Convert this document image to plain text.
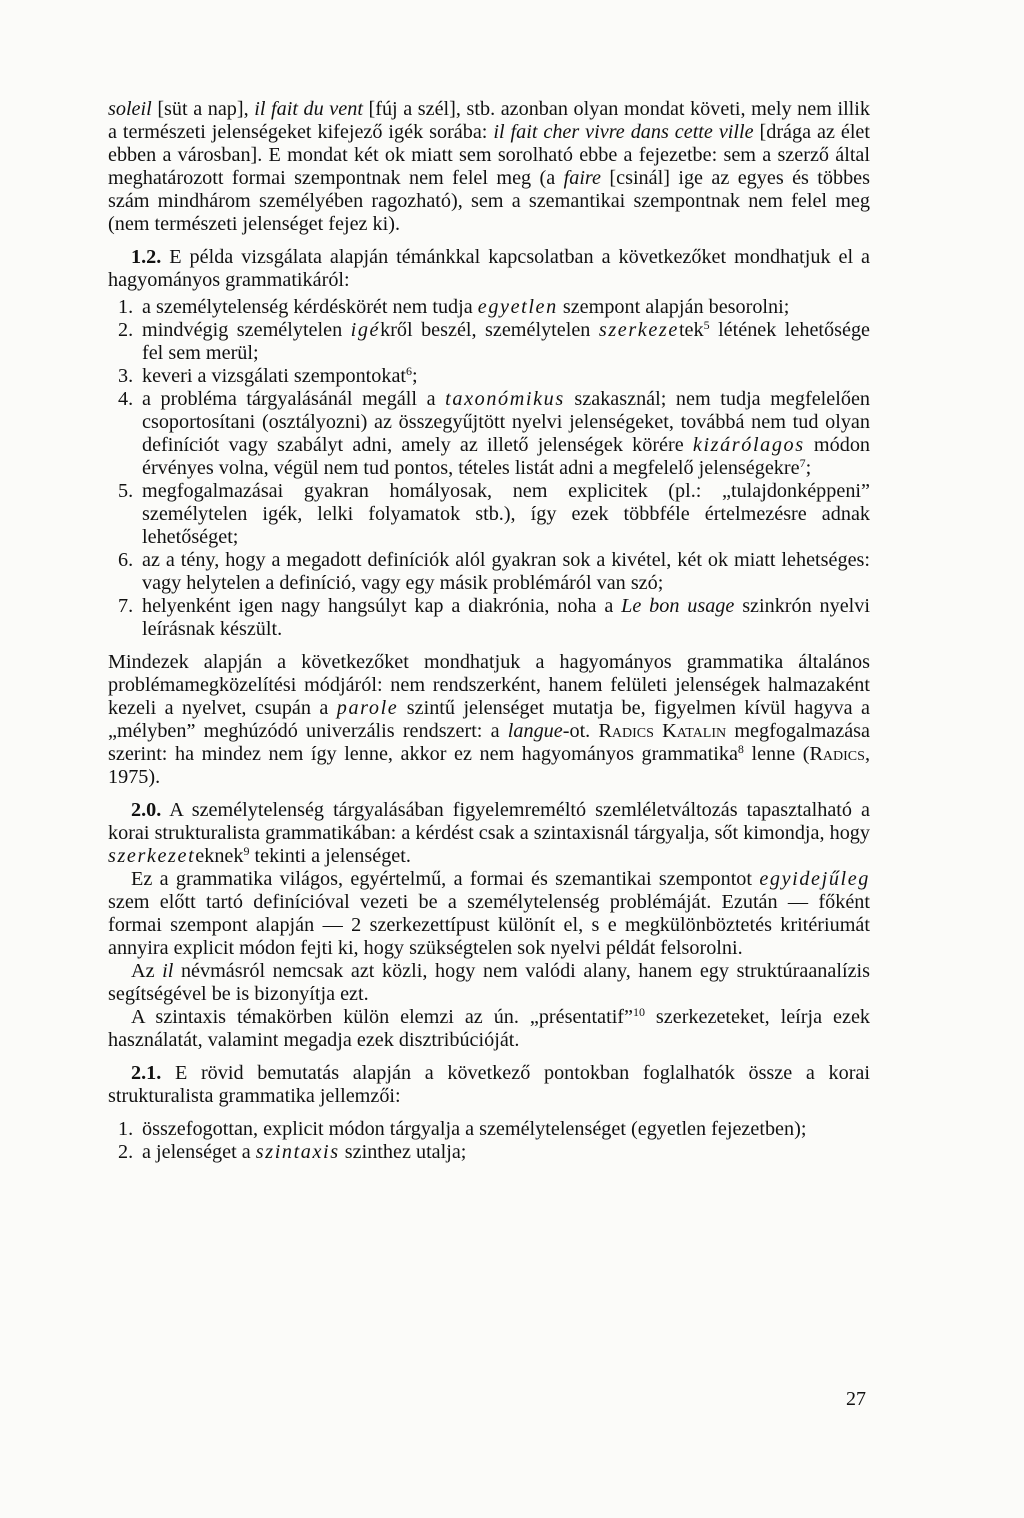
soleil [süt a nap], il fait du vent [fúj a szél], stb. azonban olyan mondat követi, mely nem illik a természeti jelenségeket kifejező igék sorába: il fait cher vivre dans cette ville [drága az élet ebben a városban]. E mondat két ok miatt sem sorolható ebbe a fejezetbe: sem a szerző által meghatározott formai szempontnak nem felel meg (a faire [csinál] ige az egyes és többes szám mindhárom személyében ragozható), sem a szemantikai szempontnak nem felel meg (nem természeti jelenséget fejez ki).

1.2. E példa vizsgálata alapján témánkkal kapcsolatban a következőket mondhatjuk el a hagyományos grammatikáról:

1. a személytelenség kérdéskörét nem tudja egyetlen szempont alapján besorolni;
2. mindvégig személytelen igékről beszél, személytelen szerkezetek$^5$ létének lehetősége fel sem merül;
3. keveri a vizsgálati szempontokat$^6$;
4. a probléma tárgyalásánál megáll a taxonómikus szakasznál; nem tudja megfelelően csoportosítani (osztályozni) az összegyűjtött nyelvi jelenségeket, továbbá nem tud olyan definíciót vagy szabályt adni, amely az illető jelenségek körére kizárólagos módon érvényes volna, végül nem tud pontos, tételes listát adni a megfelelő jelenségekre$^7$;
5. megfogalmazásai gyakran homályosak, nem explicitek (pl.: „tulajdonképpeni” személytelen igék, lelki folyamatok stb.), így ezek többféle értelmezésre adnak lehetőséget;
6. az a tény, hogy a megadott definíciók alól gyakran sok a kivétel, két ok miatt lehetséges: vagy helytelen a definíció, vagy egy másik problémáról van szó;
7. helyenként igen nagy hangsúlyt kap a diakrónia, noha a Le bon usage szinkrón nyelvi leírásnak készült.

Mindezek alapján a következőket mondhatjuk a hagyományos grammatika általános problémamegközelítési módjáról: nem rendszerként, hanem felületi jelenségek halmazaként kezeli a nyelvet, csupán a parole szintű jelenséget mutatja be, figyelmen kívül hagyva a „mélyben” meghúzódó univerzális rendszert: a langue-ot. Radics Katalin megfogalmazása szerint: ha mindez nem így lenne, akkor ez nem hagyományos grammatika$^8$ lenne (Radics, 1975).

2.0. A személytelenség tárgyalásában figyelemreméltó szemléletváltozás tapasztalható a korai strukturalista grammatikában: a kérdést csak a szintaxisnál tárgyalja, sőt kimondja, hogy szerkezeteknek$^9$ tekinti a jelenséget.

Ez a grammatika világos, egyértelmű, a formai és szemantikai szempontot egyidejűleg szem előtt tartó definícióval vezeti be a személytelenség problémáját. Ezután — főként formai szempont alapján — 2 szerkezettípust különít el, s e megkülönböztetés kritériumát annyira explicit módon fejti ki, hogy szükségtelen sok nyelvi példát felsorolni.

Az il névmásról nemcsak azt közli, hogy nem valódi alany, hanem egy struktúraanalízis segítségével be is bizonyítja ezt.

A szintaxis témakörben külön elemzi az ún. „présentatif”$^{10}$ szerkezeteket, leírja ezek használatát, valamint megadja ezek disztribúcióját.

2.1. E rövid bemutatás alapján a következő pontokban foglalhatók össze a korai strukturalista grammatika jellemzői:

1. összefogottan, explicit módon tárgyalja a személytelenséget (egyetlen fejezetben);
2. a jelenséget a szintaxis szinthez utalja;
27
